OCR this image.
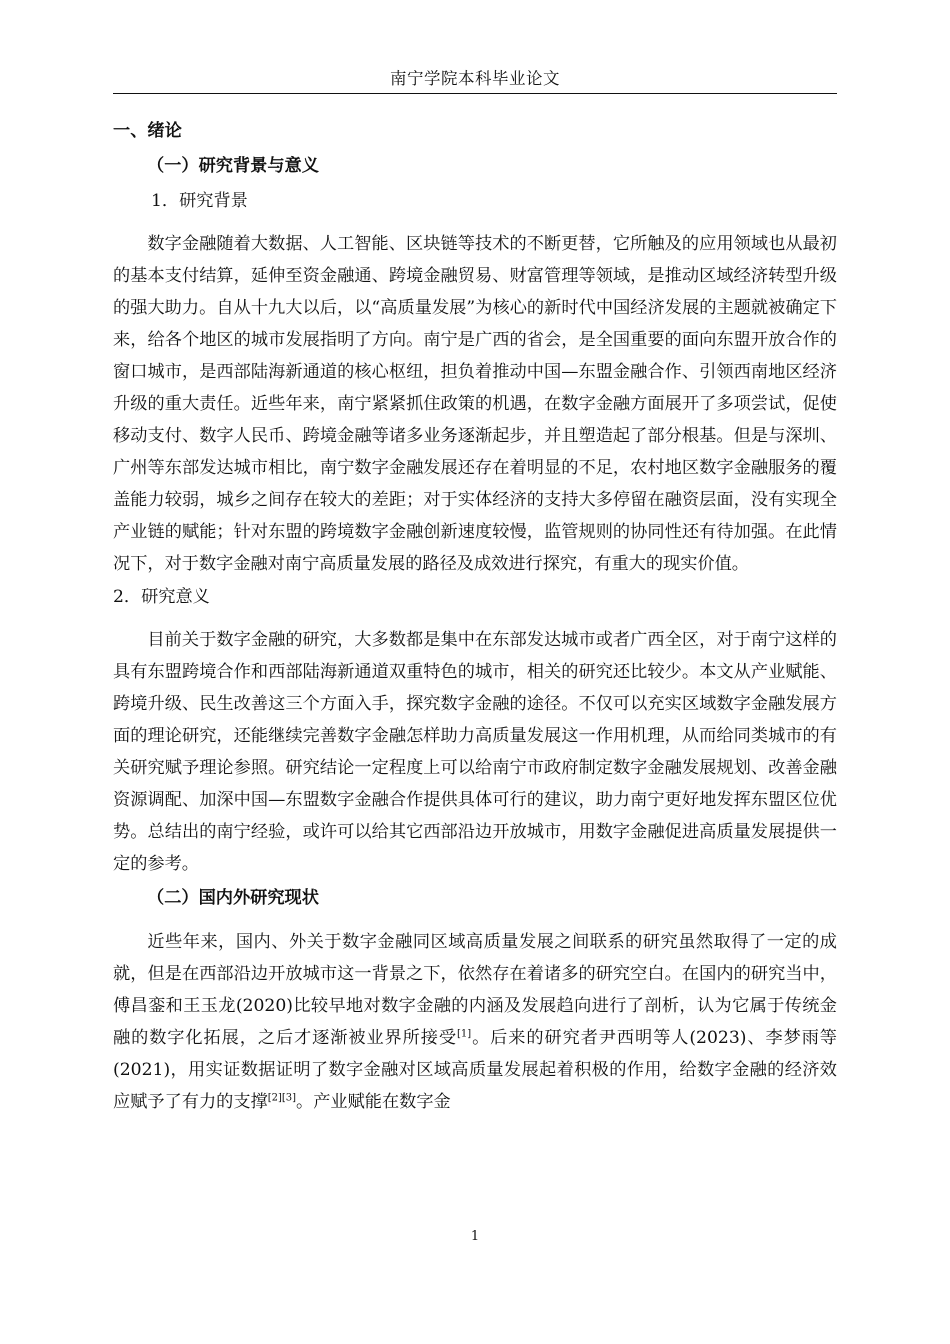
南宁学院本科毕业论文
一、绪论
（一）研究背景与意义
1．研究背景

数字金融随着大数据、人工智能、区块链等技术的不断更替，它所触及的应用领域也从最初的基本支付结算，延伸至资金融通、跨境金融贸易、财富管理等领域，是推动区域经济转型升级的强大助力。自从十九大以后，以“高质量发展”为核心的新时代中国经济发展的主题就被确定下来，给各个地区的城市发展指明了方向。南宁是广西的省会，是全国重要的面向东盟开放合作的窗口城市，是西部陆海新通道的核心枢纽，担负着推动中国—东盟金融合作、引领西南地区经济升级的重大责任。近些年来，南宁紧紧抓住政策的机遇，在数字金融方面展开了多项尝试，促使移动支付、数字人民币、跨境金融等诸多业务逐渐起步，并且塑造起了部分根基。但是与深圳、广州等东部发达城市相比，南宁数字金融发展还存在着明显的不足，农村地区数字金融服务的覆盖能力较弱，城乡之间存在较大的差距；对于实体经济的支持大多停留在融资层面，没有实现全产业链的赋能；针对东盟的跨境数字金融创新速度较慢，监管规则的协同性还有待加强。在此情况下，对于数字金融对南宁高质量发展的路径及成效进行探究，有重大的现实价值。

2．研究意义

目前关于数字金融的研究，大多数都是集中在东部发达城市或者广西全区，对于南宁这样的具有东盟跨境合作和西部陆海新通道双重特色的城市，相关的研究还比较少。本文从产业赋能、跨境升级、民生改善这三个方面入手，探究数字金融的途径。不仅可以充实区域数字金融发展方面的理论研究，还能继续完善数字金融怎样助力高质量发展这一作用机理，从而给同类城市的有关研究赋予理论参照。研究结论一定程度上可以给南宁市政府制定数字金融发展规划、改善金融资源调配、加深中国—东盟数字金融合作提供具体可行的建议，助力南宁更好地发挥东盟区位优势。总结出的南宁经验，或许可以给其它西部沿边开放城市，用数字金融促进高质量发展提供一定的参考。

（二）国内外研究现状

近些年来，国内、外关于数字金融同区域高质量发展之间联系的研究虽然取得了一定的成就，但是在西部沿边开放城市这一背景之下，依然存在着诸多的研究空白。在国内的研究当中，傅昌銮和王玉龙(2020)比较早地对数字金融的内涵及发展趋向进行了剖析，认为它属于传统金融的数字化拓展，之后才逐渐被业界所接受[1]。后来的研究者尹西明等人(2023)、李梦雨等(2021)，用实证数据证明了数字金融对区域高质量发展起着积极的作用，给数字金融的经济效应赋予了有力的支撑[2][3]。产业赋能在数字金

1
